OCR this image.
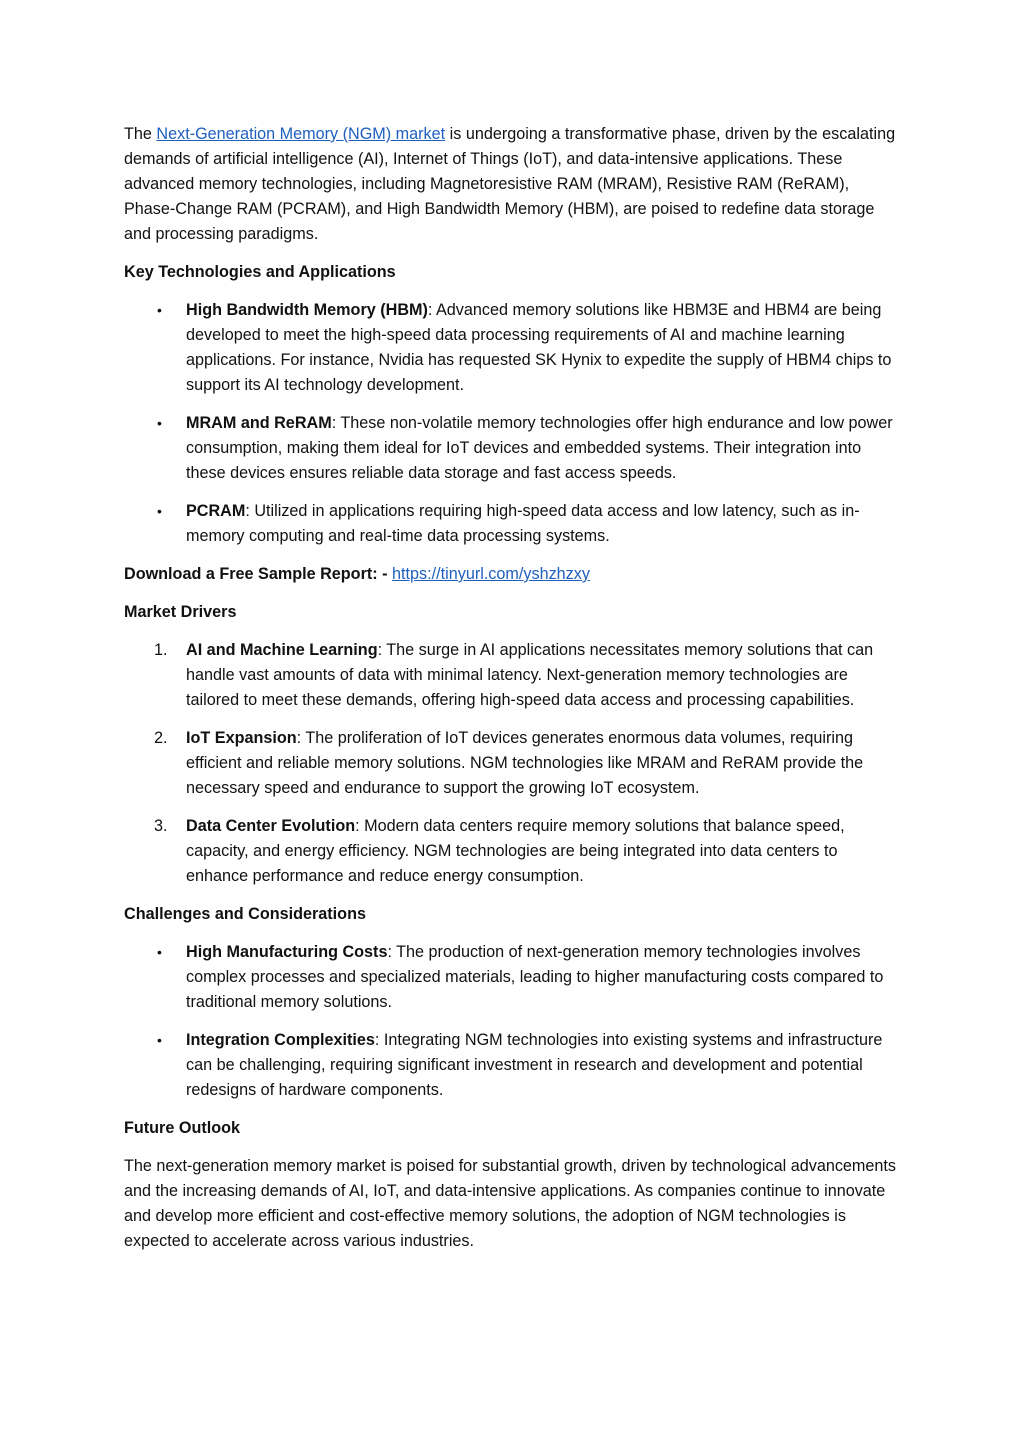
The Next-Generation Memory (NGM) market is undergoing a transformative phase, driven by the escalating demands of artificial intelligence (AI), Internet of Things (IoT), and data-intensive applications. These advanced memory technologies, including Magnetoresistive RAM (MRAM), Resistive RAM (ReRAM), Phase-Change RAM (PCRAM), and High Bandwidth Memory (HBM), are poised to redefine data storage and processing paradigms.

Key Technologies and Applications

• High Bandwidth Memory (HBM): Advanced memory solutions like HBM3E and HBM4 are being developed to meet the high-speed data processing requirements of AI and machine learning applications. For instance, Nvidia has requested SK Hynix to expedite the supply of HBM4 chips to support its AI technology development.
• MRAM and ReRAM: These non-volatile memory technologies offer high endurance and low power consumption, making them ideal for IoT devices and embedded systems. Their integration into these devices ensures reliable data storage and fast access speeds.
• PCRAM: Utilized in applications requiring high-speed data access and low latency, such as in-memory computing and real-time data processing systems.

Download a Free Sample Report: - https://tinyurl.com/yshzhzxy

Market Drivers

1. AI and Machine Learning: The surge in AI applications necessitates memory solutions that can handle vast amounts of data with minimal latency. Next-generation memory technologies are tailored to meet these demands, offering high-speed data access and processing capabilities.
2. IoT Expansion: The proliferation of IoT devices generates enormous data volumes, requiring efficient and reliable memory solutions. NGM technologies like MRAM and ReRAM provide the necessary speed and endurance to support the growing IoT ecosystem.
3. Data Center Evolution: Modern data centers require memory solutions that balance speed, capacity, and energy efficiency. NGM technologies are being integrated into data centers to enhance performance and reduce energy consumption.

Challenges and Considerations

• High Manufacturing Costs: The production of next-generation memory technologies involves complex processes and specialized materials, leading to higher manufacturing costs compared to traditional memory solutions.
• Integration Complexities: Integrating NGM technologies into existing systems and infrastructure can be challenging, requiring significant investment in research and development and potential redesigns of hardware components.

Future Outlook

The next-generation memory market is poised for substantial growth, driven by technological advancements and the increasing demands of AI, IoT, and data-intensive applications. As companies continue to innovate and develop more efficient and cost-effective memory solutions, the adoption of NGM technologies is expected to accelerate across various industries.
